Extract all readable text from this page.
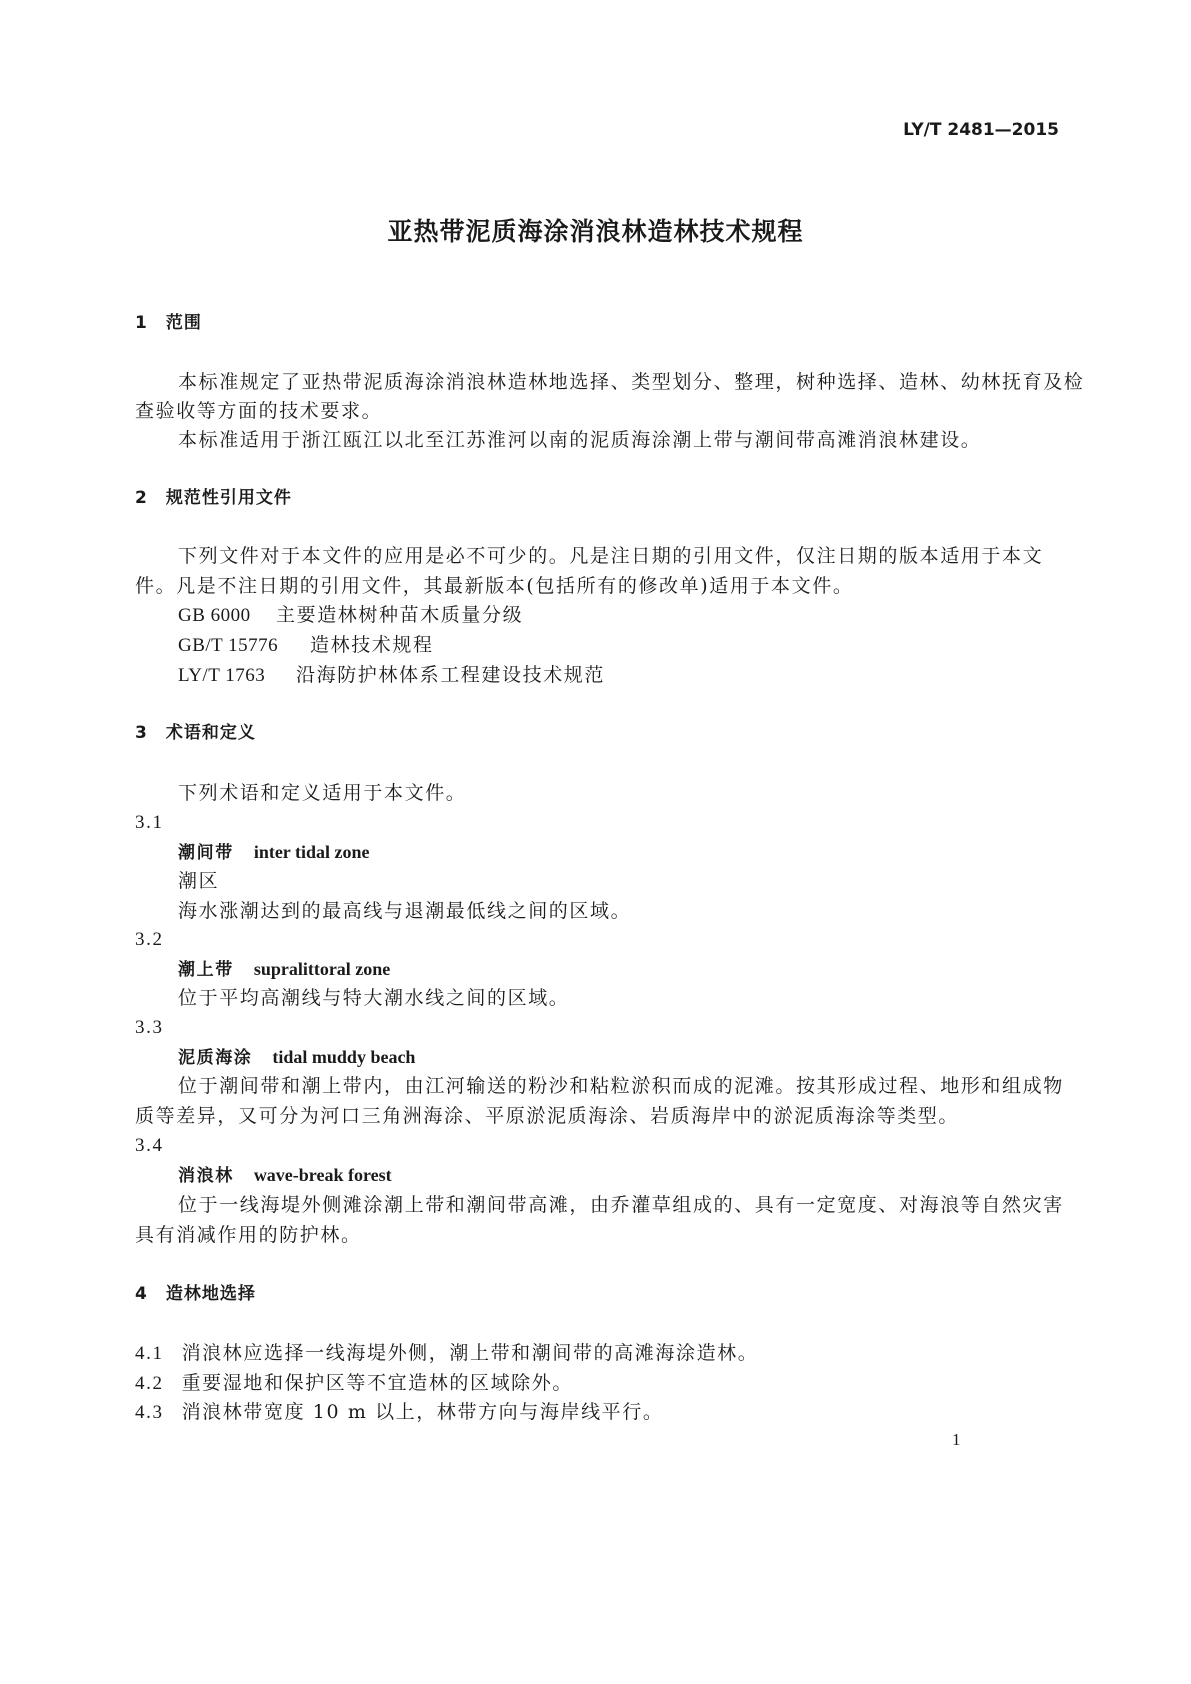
LY/T 2481—2015
亚热带泥质海涂消浪林造林技术规程
1　范围
本标准规定了亚热带泥质海涂消浪林造林地选择、类型划分、整理，树种选择、造林、幼林抚育及检
查验收等方面的技术要求。
本标准适用于浙江瓯江以北至江苏淮河以南的泥质海涂潮上带与潮间带高滩消浪林建设。
2　规范性引用文件
下列文件对于本文件的应用是必不可少的。凡是注日期的引用文件，仅注日期的版本适用于本文
件。凡是不注日期的引用文件，其最新版本(包括所有的修改单)适用于本文件。
GB 6000 主要造林树种苗木质量分级
GB/T 15776 造林技术规程
LY/T 1763 沿海防护林体系工程建设技术规范
3　术语和定义
下列术语和定义适用于本文件。
3.1
潮间带 inter tidal zone
潮区
海水涨潮达到的最高线与退潮最低线之间的区域。
3.2
潮上带 supralittoral zone
位于平均高潮线与特大潮水线之间的区域。
3.3
泥质海涂 tidal muddy beach
位于潮间带和潮上带内，由江河输送的粉沙和粘粒淤积而成的泥滩。按其形成过程、地形和组成物
质等差异，又可分为河口三角洲海涂、平原淤泥质海涂、岩质海岸中的淤泥质海涂等类型。
3.4
消浪林 wave-break forest
位于一线海堤外侧滩涂潮上带和潮间带高滩，由乔灌草组成的、具有一定宽度、对海浪等自然灾害
具有消减作用的防护林。
4　造林地选择
4.1 消浪林应选择一线海堤外侧，潮上带和潮间带的高滩海涂造林。
4.2 重要湿地和保护区等不宜造林的区域除外。
4.3 消浪林带宽度 10 m 以上，林带方向与海岸线平行。
1
